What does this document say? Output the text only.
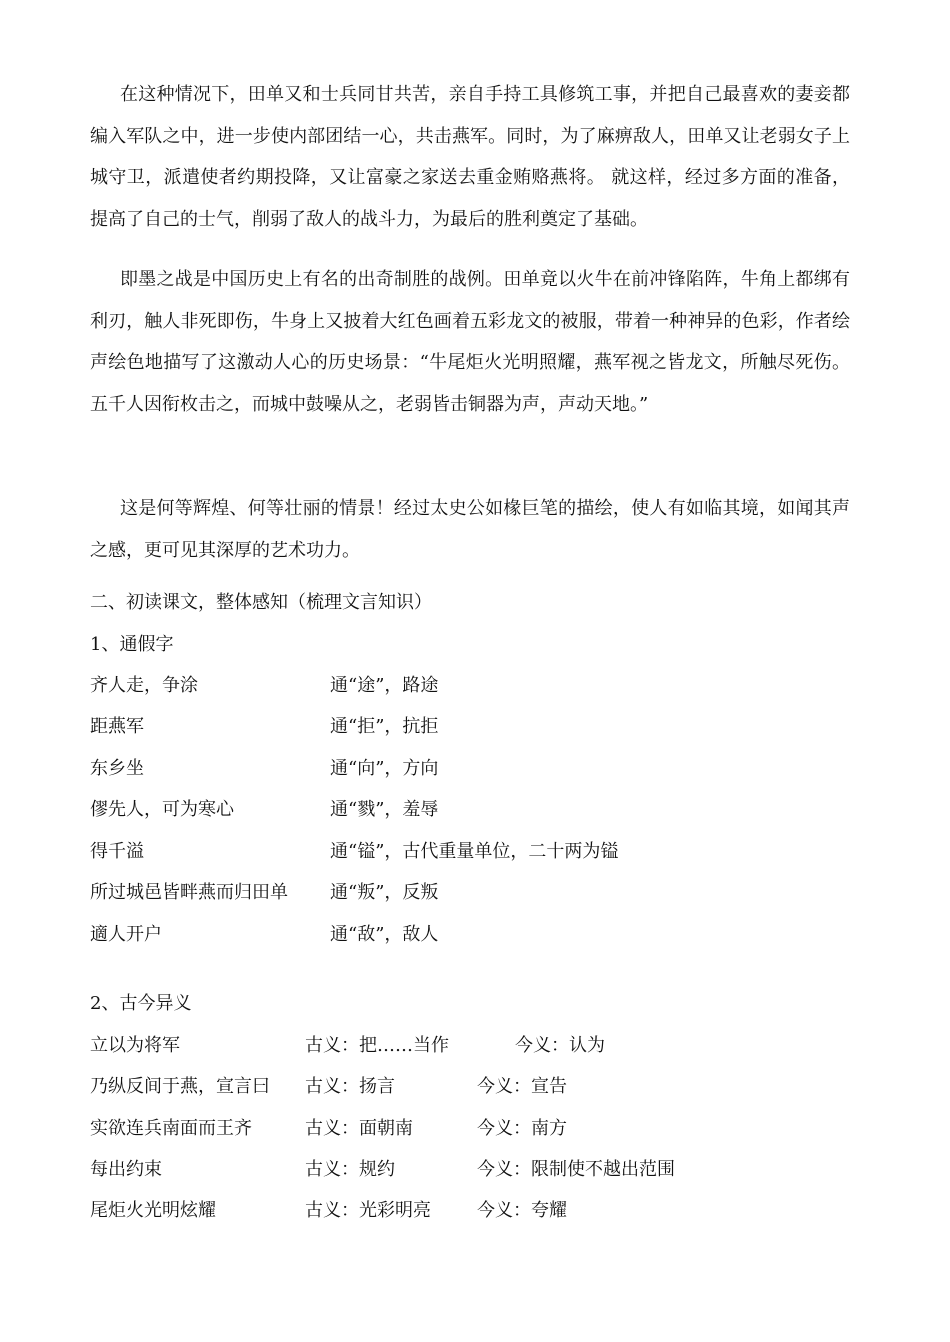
在这种情况下，田单又和士兵同甘共苦，亲自手持工具修筑工事，并把自己最喜欢的妻妾都编入军队之中，进一步使内部团结一心，共击燕军。同时，为了麻痹敌人，田单又让老弱女子上城守卫，派遣使者约期投降，又让富豪之家送去重金贿赂燕将。 就这样，经过多方面的准备，提高了自己的士气，削弱了敌人的战斗力，为最后的胜利奠定了基础。

即墨之战是中国历史上有名的出奇制胜的战例。田单竟以火牛在前冲锋陷阵，牛角上都绑有利刃，触人非死即伤，牛身上又披着大红色画着五彩龙文的被服，带着一种神异的色彩，作者绘声绘色地描写了这激动人心的历史场景：“牛尾炬火光明照耀，燕军视之皆龙文，所触尽死伤。五千人因衔枚击之，而城中鼓噪从之，老弱皆击铜器为声，声动天地。”

这是何等辉煌、何等壮丽的情景！经过太史公如椽巨笔的描绘，使人有如临其境，如闻其声之感，更可见其深厚的艺术功力。

二、初读课文，整体感知（梳理文言知识）
1、通假字
齐人走，争涂	通“途”，路途
距燕军	通“拒”，抗拒
东乡坐	通“向”，方向
僇先人，可为寒心	通“戮”，羞辱
得千溢	通“镒”，古代重量单位，二十两为镒
所过城邑皆畔燕而归田单 通“叛”，反叛
適人开户	通“敌”，敌人
2、古今异义
立以为将军	古义：把……当作	今义：认为
乃纵反间于燕，宣言曰 古义：扬言	今义：宣告
实欲连兵南面而王齐	古义：面朝南	今义：南方
每出约束	古义：规约	今义：限制使不越出范围
尾炬火光明炫耀	古义：光彩明亮	今义：夸耀
